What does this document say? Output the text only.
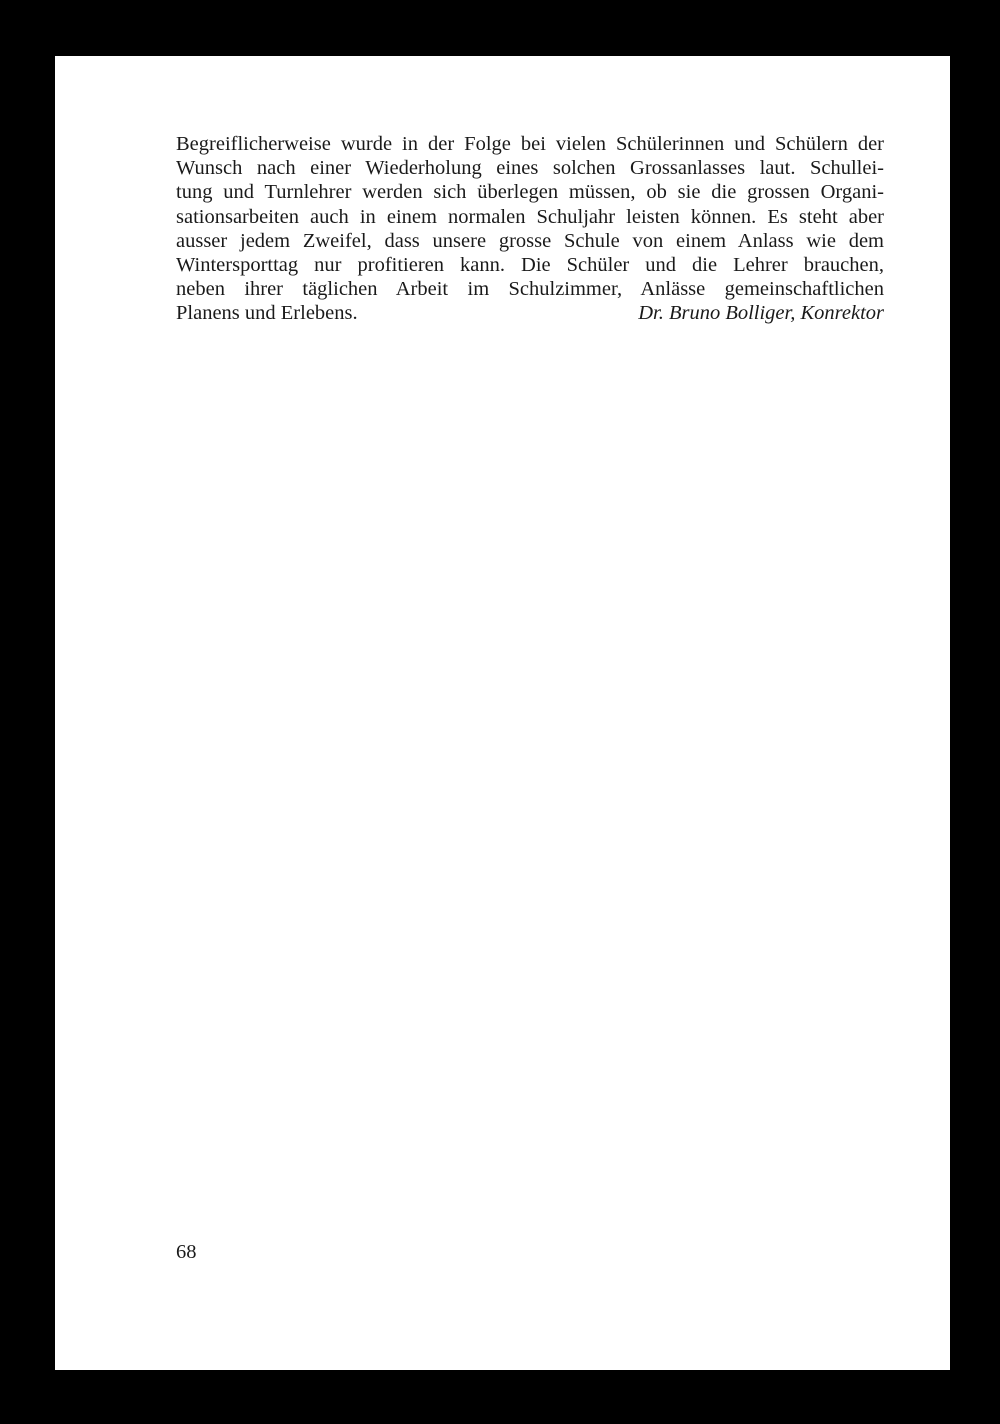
Begreiflicherweise wurde in der Folge bei vielen Schülerinnen und Schülern der
Wunsch nach einer Wiederholung eines solchen Grossanlasses laut. Schullei-
tung und Turnlehrer werden sich überlegen müssen, ob sie die grossen Organi-
sationsarbeiten auch in einem normalen Schuljahr leisten können. Es steht aber
ausser jedem Zweifel, dass unsere grosse Schule von einem Anlass wie dem
Wintersporttag nur profitieren kann. Die Schüler und die Lehrer brauchen,
neben ihrer täglichen Arbeit im Schulzimmer, Anlässe gemeinschaftlichen
Planens und Erlebens.	Dr. Bruno Bolliger, Konrektor
68
